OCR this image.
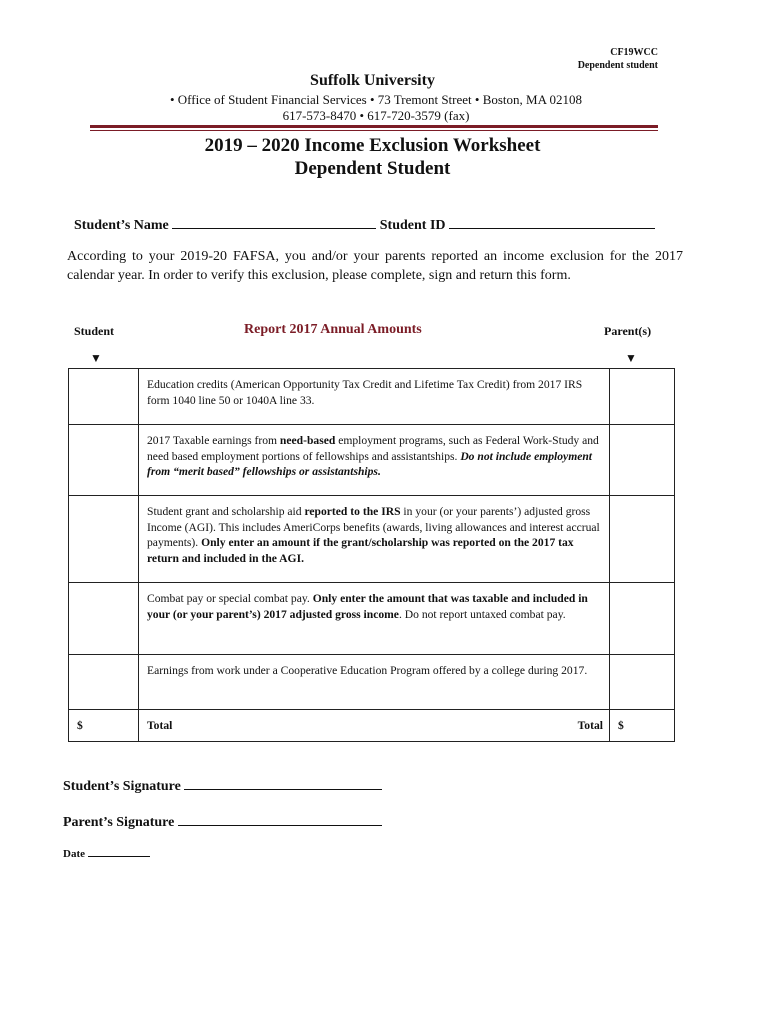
CF19WCC
Dependent student
Suffolk University
• Office of Student Financial Services • 73 Tremont Street • Boston, MA 02108
617-573-8470 • 617-720-3579 (fax)
2019 – 2020 Income Exclusion Worksheet
Dependent Student
Student’s Name	Student ID
According to your 2019-20 FAFSA, you and/or your parents reported an income exclusion for the 2017 calendar year. In order to verify this exclusion, please complete, sign and return this form.
Student
▼
Report 2017 Annual Amounts	Parent(s)
▼
	Education credits (American Opportunity Tax Credit and Lifetime Tax Credit) from 2017 IRS form 1040 line 50 or 1040A line 33.	
	2017 Taxable earnings from need-based employment programs, such as Federal Work-Study and need based employment portions of fellowships and assistantships. Do not include employment from “merit based” fellowships or assistantships.	
	Student grant and scholarship aid reported to the IRS in your (or your parents’) adjusted gross Income (AGI). This includes AmeriCorps benefits (awards, living allowances and interest accrual payments). Only enter an amount if the grant/scholarship was reported on the 2017 tax return and included in the AGI.	
	Combat pay or special combat pay. Only enter the amount that was taxable and included in your (or your parent’s) 2017 adjusted gross income. Do not report untaxed combat pay.	
	Earnings from work under a Cooperative Education Program offered by a college during 2017.	
$	Total Total	$
Student’s Signature
Parent’s Signature
Date
